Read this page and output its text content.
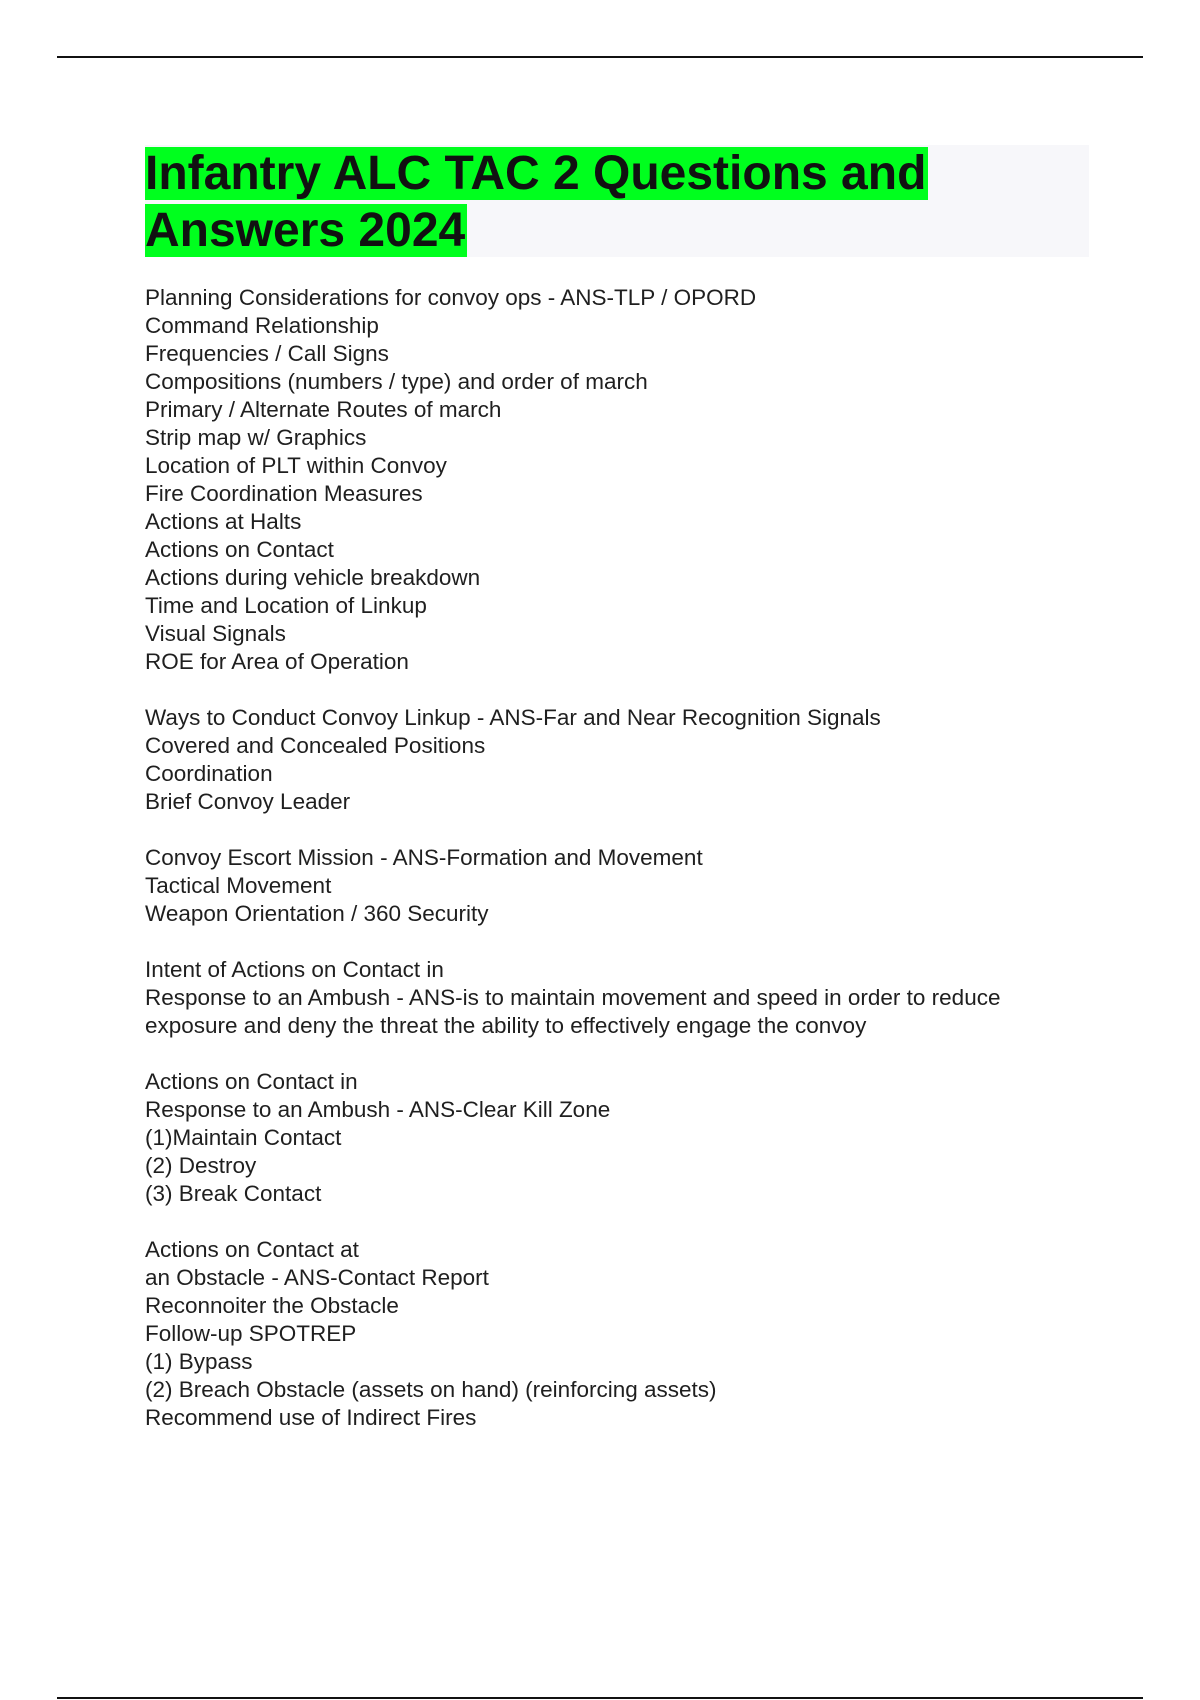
Infantry ALC TAC 2 Questions and Answers 2024
Planning Considerations for convoy ops - ANS-TLP / OPORD
Command Relationship
Frequencies / Call Signs
Compositions (numbers / type) and order of march
Primary / Alternate Routes of march
Strip map w/ Graphics
Location of PLT within Convoy
Fire Coordination Measures
Actions at Halts
Actions on Contact
Actions during vehicle breakdown
Time and Location of Linkup
Visual Signals
ROE for Area of Operation
Ways to Conduct Convoy Linkup - ANS-Far and Near Recognition Signals
Covered and Concealed Positions
Coordination
Brief Convoy Leader
Convoy Escort Mission - ANS-Formation and Movement
Tactical Movement
Weapon Orientation / 360 Security
Intent of Actions on Contact in
Response to an Ambush - ANS-is to maintain movement and speed in order to reduce
exposure and deny the threat the ability to effectively engage the convoy
Actions on Contact in
Response to an Ambush - ANS-Clear Kill Zone
(1)Maintain Contact
(2) Destroy
(3) Break Contact
Actions on Contact at
an Obstacle - ANS-Contact Report
Reconnoiter the Obstacle
Follow-up SPOTREP
(1) Bypass
(2) Breach Obstacle (assets on hand) (reinforcing assets)
Recommend use of Indirect Fires
